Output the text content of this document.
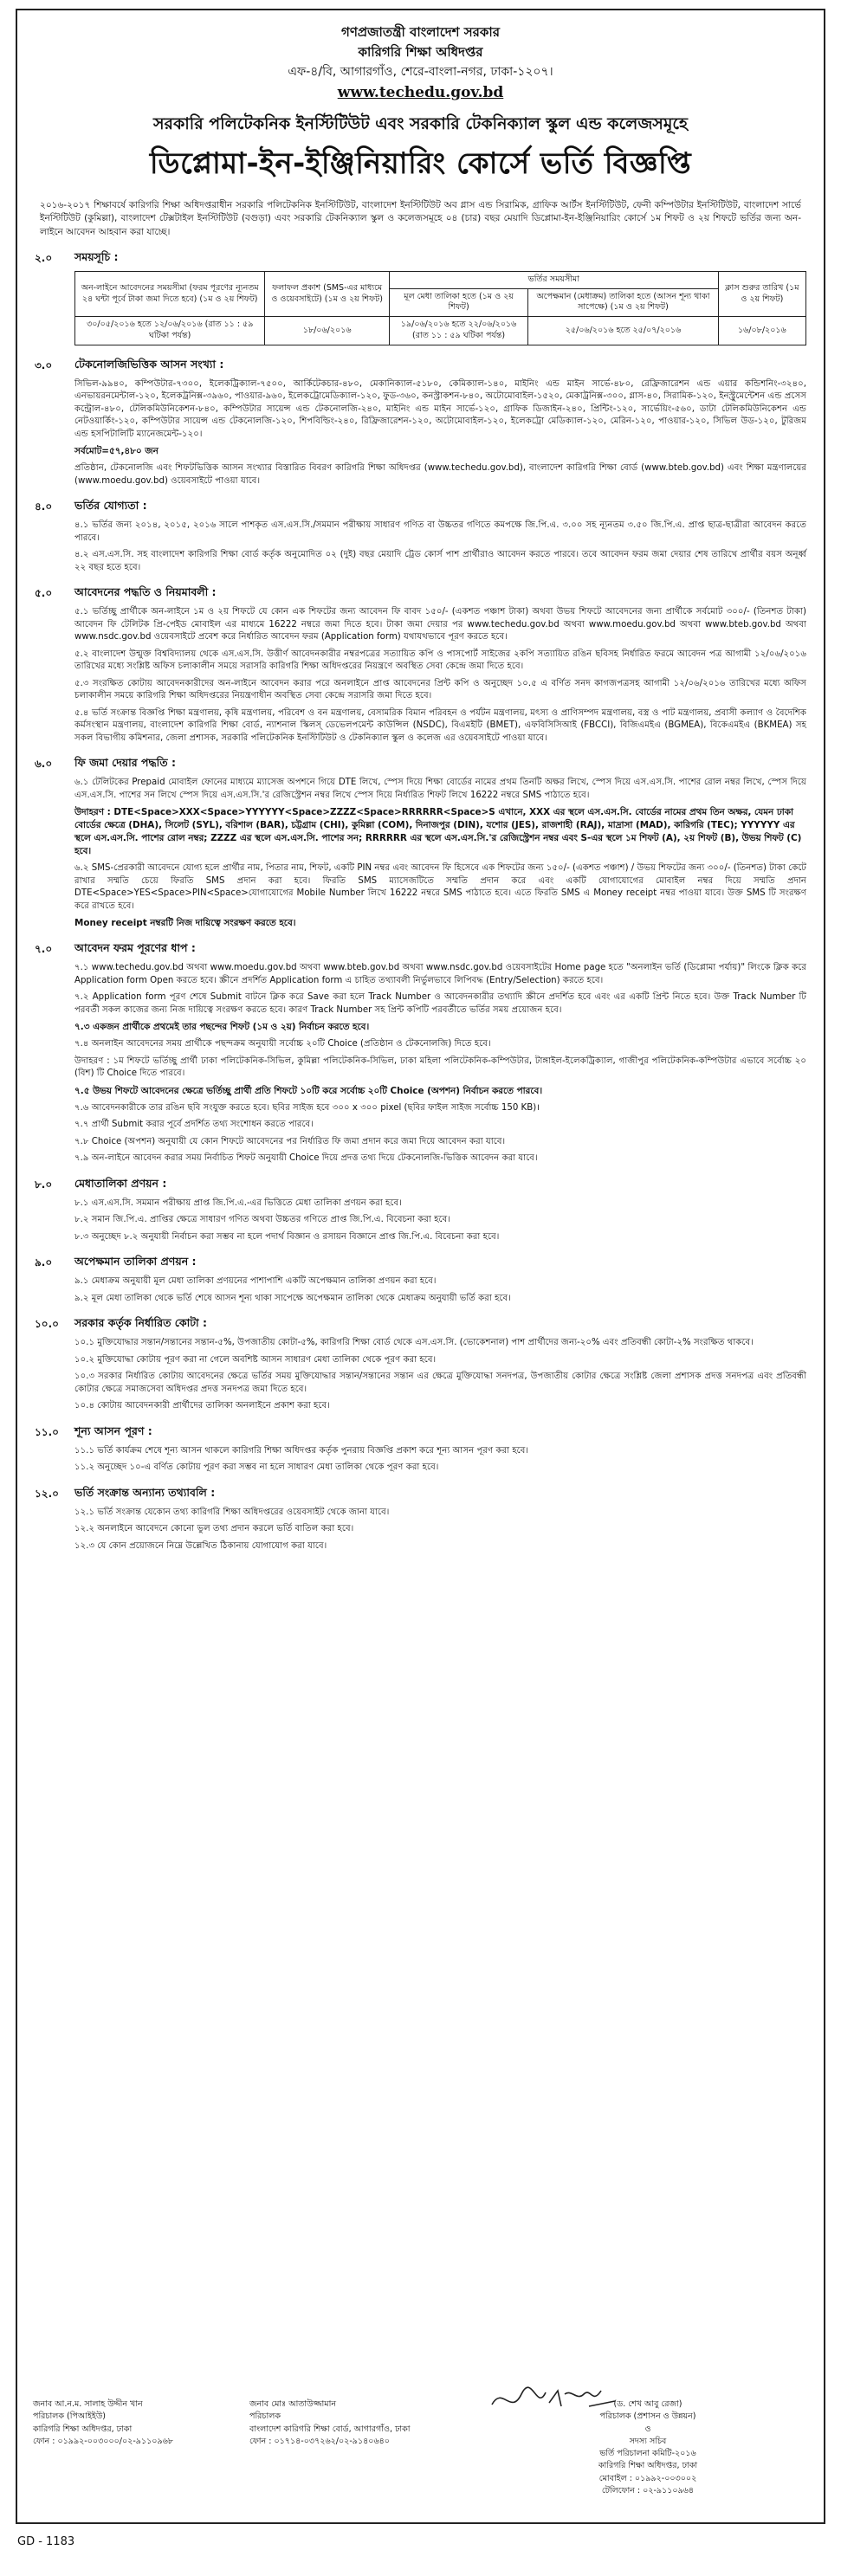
গণপ্রজাতন্ত্রী বাংলাদেশ সরকার
কারিগরি শিক্ষা অধিদপ্তর
এফ-৪/বি, আগারগাঁও, শেরে-বাংলা-নগর, ঢাকা-১২০৭।
www.techedu.gov.bd
সরকারি পলিটেকনিক ইনস্টিটিউট এবং সরকারি টেকনিক্যাল স্কুল এন্ড কলেজসমূহে
ডিপ্লোমা-ইন-ইঞ্জিনিয়ারিং কোর্সে ভর্তি বিজ্ঞপ্তি
২০১৬-২০১৭ শিক্ষাবর্ষে কারিগরি শিক্ষা অধিদপ্তরাধীন সরকারি পলিটেকনিক ইনস্টিটিউট, বাংলাদেশ ইনস্টিটিউট অব গ্লাস এন্ড সিরামিক, গ্রাফিক আর্টস ইনস্টিটিউট, ফেনী কম্পিউটার ইনস্টিটিউট, বাংলাদেশ সার্ভে ইনস্টিটিউট (কুমিল্লা), বাংলাদেশ টেক্সটাইল ইনস্টিটিউট (বগুড়া) এবং সরকারি টেকনিক্যাল স্কুল ও কলেজসমূহে ০৪ (চার) বছর মেয়াদি ডিপ্লোমা-ইন-ইঞ্জিনিয়ারিং কোর্সে ১ম শিফট ও ২য় শিফটে ভর্তির জন্য অন-লাইনে আবেদন আহবান করা যাচ্ছে।
২.০	সময়সূচি :
অন-লাইনে আবেদনের সময়সীমা (ফরম পূরণের ন্যূনতম ২৪ ঘন্টা পূর্বে টাকা জমা দিতে হবে) (১ম ও ২য় শিফট)	ফলাফল প্রকাশ (SMS-এর মাধ্যমে ও ওয়েবসাইটে) (১ম ও ২য় শিফট)	ভর্তির সময়সীমা		ক্লাস শুরুর তারিখ (১ম ও ২য় শিফট)
		মূল মেধা তালিকা হতে (১ম ও ২য় শিফট)	অপেক্ষমান (মেধাক্রম) তালিকা হতে (আসন শূন্য থাকা সাপেক্ষে) (১ম ও ২য় শিফট)	
৩০/০৫/২০১৬ হতে ১২/০৬/২০১৬ (রাত ১১ : ৫৯ ঘটিকা পর্যন্ত)	১৮/০৬/২০১৬	১৯/০৬/২০১৬ হতে ২২/০৬/২০১৬ (রাত ১১ : ৫৯ ঘটিকা পর্যন্ত)	২৫/০৬/২০১৬ হতে ২৫/০৭/২০১৬	১৬/০৮/২০১৬
৩.০	টেকনোলজিভিত্তিক আসন সংখ্যা :
সিভিল-৯৯৪০, কম্পিউটার-৭৩০০, ইলেকট্রিক্যাল-৭৫০০, আর্কিটেকচার-৪৮০, মেকানিক্যাল-৫১৮০, কেমিক্যাল-১৪০, মাইনিং এন্ড মাইন সার্ভে-৪৮০, রেফ্রিজারেশন এন্ড এয়ার কন্ডিশনিং-৩২৪০, এনভায়রনমেন্টাল-১২০, ইলেকট্রনিক্স-৩৯৬০, পাওয়ার-৯৬০, ইলেকট্রোমেডিক্যাল-১২০, ফুড-৩৬০, কনস্ট্রাকশন-৮৪০, অটোমোবাইল-১৫২০, মেকাট্রনিক্স-৩০০, গ্লাস-৪০, সিরামিক-১২০, ইনস্ট্রুমেন্টেশন এন্ড প্রসেস কন্ট্রোল-৪৮০, টেলিকমিউনিকেশন-৮৪০, কম্পিউটার সায়েন্স এন্ড টেকনোলজি-২৪০, মাইনিং এন্ড মাইন সার্ভে-১২০, গ্রাফিক ডিজাইন-২৪০, প্রিন্টিং-১২০, সার্ভেয়িং-৫৬০, ডাটা টেলিকমিউনিকেশন এন্ড নেটওয়ার্কিং-১২০, কম্পিউটার সায়েন্স এন্ড টেকনোলজি-১২০, শিপবিল্ডিং-২৪০, রিফ্রিজারেশন-১২০, অটোমোবাইল-১২০, ইলেকট্রো মেডিক্যাল-১২০, মেরিন-১২০, পাওয়ার-১২০, সিভিল উড-১২০, টুরিজম এন্ড হসপিটালিটি ম্যানেজমেন্ট-১২০।
সর্বমোট=৫৭,৪৮০ জন
প্রতিষ্ঠান, টেকনোলজি এবং শিফটভিত্তিক আসন সংখ্যার বিস্তারিত বিবরণ কারিগরি শিক্ষা অধিদপ্তর (www.techedu.gov.bd), বাংলাদেশ কারিগরি শিক্ষা বোর্ড (www.bteb.gov.bd) এবং শিক্ষা মন্ত্রণালয়ের (www.moedu.gov.bd) ওয়েবসাইটে পাওয়া যাবে।
৪.০	ভর্তির যোগ্যতা :
৪.১ ভর্তির জন্য ২০১৪, ২০১৫, ২০১৬ সালে পাশকৃত এস.এস.সি./সমমান পরীক্ষায় সাধারণ গণিত বা উচ্চতর গণিতে কমপক্ষে জি.পি.এ. ৩.০০ সহ ন্যূনতম ৩.৫০ জি.পি.এ. প্রাপ্ত ছাত্র-ছাত্রীরা আবেদন করতে পারবে।
৪.২ এস.এস.সি. সহ বাংলাদেশ কারিগরি শিক্ষা বোর্ড কর্তৃক অনুমোদিত ০২ (দুই) বছর মেয়াদি ট্রেড কোর্স পাশ প্রার্থীরাও আবেদন করতে পারবে। তবে আবেদন ফরম জমা দেয়ার শেষ তারিখে প্রার্থীর বয়স অনূর্ধ্ব ২২ বছর হতে হবে।
৫.০	আবেদনের পদ্ধতি ও নিয়মাবলী :
৫.১ ভর্তিচ্ছু প্রার্থীকে অন-লাইনে ১ম ও ২য় শিফটে যে কোন এক শিফটের জন্য আবেদন ফি বাবদ ১৫০/- (একশত পঞ্চাশ টাকা) অথবা উভয় শিফটে আবেদনের জন্য প্রার্থীকে সর্বমোট ৩০০/- (তিনশত টাকা) আবেদন ফি টেলিটক প্রি-পেইড মোবাইল এর মাধ্যমে 16222 নম্বরে জমা দিতে হবে। টাকা জমা দেয়ার পর www.techedu.gov.bd অথবা www.moedu.gov.bd অথবা www.bteb.gov.bd অথবা www.nsdc.gov.bd ওয়েবসাইটে প্রবেশ করে নির্ধারিত আবেদন ফরম (Application form) যথাযথভাবে পূরণ করতে হবে।
৫.২ বাংলাদেশ উন্মুক্ত বিশ্ববিদ্যালয় থেকে এস.এস.সি. উত্তীর্ণ আবেদনকারীর নম্বরপত্রের সত্যায়িত কপি ও পাসপোর্ট সাইজের ২কপি সত্যায়িত রঙিন ছবিসহ নির্ধারিত ফরমে আবেদন পত্র আগামী ১২/০৬/২০১৬ তারিখের মধ্যে সংশ্লিষ্ট অফিস চলাকালীন সময়ে সরাসরি কারিগরি শিক্ষা অধিদপ্তরের নিয়ন্ত্রণে অবস্থিত সেবা কেন্দ্রে জমা দিতে হবে।
৫.৩ সংরক্ষিত কোটায় আবেদনকারীদের অন-লাইনে আবেদন করার পরে অনলাইনে প্রাপ্ত আবেদনের প্রিন্ট কপি ও অনুচ্ছেদ ১০.৫ এ বর্ণিত সনদ কাগজপত্রসহ আগামী ১২/০৬/২০১৬ তারিখের মধ্যে অফিস চলাকালীন সময়ে কারিগরি শিক্ষা অধিদপ্তরের নিয়ন্ত্রণাধীন অবস্থিত সেবা কেন্দ্রে সরাসরি জমা দিতে হবে।
৫.৪ ভর্তি সংক্রান্ত বিজ্ঞপ্তি শিক্ষা মন্ত্রণালয়, কৃষি মন্ত্রণালয়, পরিবেশ ও বন মন্ত্রণালয়, বেসামরিক বিমান পরিবহন ও পর্যটন মন্ত্রণালয়, মৎস্য ও প্রাণিসম্পদ মন্ত্রণালয়, বস্ত্র ও পাট মন্ত্রণালয়, প্রবাসী কল্যাণ ও বৈদেশিক কর্মসংস্থান মন্ত্রণালয়, বাংলাদেশ কারিগরি শিক্ষা বোর্ড, ন্যাশনাল স্কিলস্ ডেভেলপমেন্ট কাউন্সিল (NSDC), বিএমইটি (BMET), এফবিসিসিআই (FBCCI), বিজিএমইএ (BGMEA), বিকেএমইএ (BKMEA) সহ সকল বিভাগীয় কমিশনার, জেলা প্রশাসক, সরকারি পলিটেকনিক ইনস্টিটিউট ও টেকনিক্যাল স্কুল ও কলেজ এর ওয়েবসাইটে পাওয়া যাবে।
৬.০	ফি জমা দেয়ার পদ্ধতি :
৬.১ টেলিটকের Prepaid মোবাইল ফোনের মাধ্যমে ম্যাসেজ অপশনে গিয়ে DTE লিখে, স্পেস দিয়ে শিক্ষা বোর্ডের নামের প্রথম তিনটি অক্ষর লিখে, স্পেস দিয়ে এস.এস.সি. পাশের রোল নম্বর লিখে, স্পেস দিয়ে এস.এস.সি. পাশের সন লিখে স্পেস দিয়ে এস.এস.সি.'র রেজিস্ট্রেশন নম্বর লিখে স্পেস দিয়ে নির্ধারিত শিফট লিখে 16222 নম্বরে SMS পাঠাতে হবে।
উদাহরণ : DTE<Space>XXX<Space>YYYYYY<Space>ZZZZ<Space>RRRRRR<Space>S এখানে, XXX এর স্থলে এস.এস.সি. বোর্ডের নামের প্রথম তিন অক্ষর, যেমন ঢাকা বোর্ডের ক্ষেত্রে (DHA), সিলেট (SYL), বরিশাল (BAR), চট্টগ্রাম (CHI), কুমিল্লা (COM), দিনাজপুর (DIN), যশোর (JES), রাজশাহী (RAJ), মাদ্রাসা (MAD), কারিগরি (TEC); YYYYYY এর স্থলে এস.এস.সি. পাশের রোল নম্বর; ZZZZ এর স্থলে এস.এস.সি. পাশের সন; RRRRRR এর স্থলে এস.এস.সি.'র রেজিস্ট্রেশন নম্বর এবং S-এর স্থলে ১ম শিফট (A), ২য় শিফট (B), উভয় শিফট (C) হবে।
৬.২ SMS-প্রেরকারী আবেদনে যোগ্য হলে প্রার্থীর নাম, পিতার নাম, শিফট, একটি PIN নম্বর এবং আবেদন ফি হিসেবে এক শিফটের জন্য ১৫০/- (একশত পঞ্চাশ) / উভয় শিফটের জন্য ৩০০/- (তিনশত) টাকা কেটে রাখার সম্মতি চেয়ে ফিরতি SMS প্রদান করা হবে। ফিরতি SMS ম্যাসেজটিতে সম্মতি প্রদান করে এবং একটি যোগাযোগের মোবাইল নম্বর দিয়ে সম্মতি প্রদান DTE<Space>YES<Space>PIN<Space>যোগাযোগের Mobile Number লিখে 16222 নম্বরে SMS পাঠাতে হবে। এতে ফিরতি SMS এ Money receipt নম্বর পাওয়া যাবে। উক্ত SMS টি সংরক্ষণ করে রাখতে হবে।
Money receipt নম্বরটি নিজ দায়িত্বে সংরক্ষণ করতে হবে।
৭.০	আবেদন ফরম পূরণের ধাপ :
৭.১ www.techedu.gov.bd অথবা www.moedu.gov.bd অথবা www.bteb.gov.bd অথবা www.nsdc.gov.bd ওয়েবসাইটের Home page হতে "অনলাইন ভর্তি (ডিপ্লোমা পর্যায়)" লিংকে ক্লিক করে Application form Open করতে হবে। স্ক্রীনে প্রদর্শিত Application form এ চাহিত তথ্যাবলী নির্ভুলভাবে লিপিবদ্ধ (Entry/Selection) করতে হবে।
৭.২ Application form পূরণ শেষে Submit বাটনে ক্লিক করে Save করা হলে Track Number ও আবেদনকারীর তথ্যাদি স্ক্রীনে প্রদর্শিত হবে এবং এর একটি প্রিন্ট নিতে হবে। উক্ত Track Number টি পরবর্তী সকল কাজের জন্য নিজ দায়িত্বে সংরক্ষণ করতে হবে। কারণ Track Number সহ প্রিন্ট কপিটি পরবর্তীতে ভর্তির সময় প্রয়োজন হবে।
৭.৩ একজন প্রার্থীকে প্রথমেই তার পছন্দের শিফট (১ম ও ২য়) নির্বাচন করতে হবে।
৭.৪ অনলাইন আবেদনের সময় প্রার্থীকে পছন্দক্রম অনুযায়ী সর্বোচ্চ ২০টি Choice (প্রতিষ্ঠান ও টেকনোলজি) দিতে হবে।
উদাহরণ : ১ম শিফটে ভর্তিচ্ছু প্রার্থী ঢাকা পলিটেকনিক-সিভিল, কুমিল্লা পলিটেকনিক-সিভিল, ঢাকা মহিলা পলিটেকনিক-কম্পিউটার, টাঙ্গাইল-ইলেকট্রিক্যাল, গাজীপুর পলিটেকনিক-কম্পিউটার এভাবে সর্বোচ্চ ২০ (বিশ) টি Choice দিতে পারবে।
৭.৫ উভয় শিফটে আবেদনের ক্ষেত্রে ভর্তিচ্ছু প্রার্থী প্রতি শিফটে ১০টি করে সর্বোচ্চ ২০টি Choice (অপশন) নির্বাচন করতে পারবে।
৭.৬ আবেদনকারীকে তার রঙিন ছবি সংযুক্ত করতে হবে। ছবির সাইজ হবে ৩০০ x ৩০০ pixel (ছবির ফাইল সাইজ সর্বোচ্চ 150 KB)।
৭.৭ প্রার্থী Submit করার পূর্বে প্রদর্শিত তথ্য সংশোধন করতে পারবে।
৭.৮ Choice (অপশন) অনুযায়ী যে কোন শিফটে আবেদনের পর নির্ধারিত ফি জমা প্রদান করে জমা দিয়ে আবেদন করা যাবে।
৭.৯ অন-লাইনে আবেদন করার সময় নির্বাচিত শিফট অনুযায়ী Choice দিয়ে প্রদত্ত তথ্য দিয়ে টেকনোলজি-ভিত্তিক আবেদন করা যাবে।
৮.০	মেধাতালিকা প্রণয়ন :
৮.১ এস.এস.সি. সমমান পরীক্ষায় প্রাপ্ত জি.পি.এ.-এর ভিত্তিতে মেধা তালিকা প্রণয়ন করা হবে।
৮.২ সমান জি.পি.এ. প্রাপ্তির ক্ষেত্রে সাধারণ গণিত অথবা উচ্চতর গণিতে প্রাপ্ত জি.পি.এ. বিবেচনা করা হবে।
৮.৩ অনুচ্ছেদ ৮.২ অনুযায়ী নির্বাচন করা সম্ভব না হলে পদার্থ বিজ্ঞান ও রসায়ন বিজ্ঞানে প্রাপ্ত জি.পি.এ. বিবেচনা করা হবে।
৯.০	অপেক্ষমান তালিকা প্রণয়ন :
৯.১ মেধাক্রম অনুযায়ী মূল মেধা তালিকা প্রণয়নের পাশাপাশি একটি অপেক্ষমান তালিকা প্রণয়ন করা হবে।
৯.২ মূল মেধা তালিকা থেকে ভর্তি শেষে আসন শূন্য থাকা সাপেক্ষে অপেক্ষমান তালিকা থেকে মেধাক্রম অনুযায়ী ভর্তি করা হবে।
১০.০	সরকার কর্তৃক নির্ধারিত কোটা :
১০.১ মুক্তিযোদ্ধার সন্তান/সন্তানের সন্তান-৫%, উপজাতীয় কোটা-৫%, কারিগরি শিক্ষা বোর্ড থেকে এস.এস.সি. (ভোকেশনাল) পাশ প্রার্থীদের জন্য-২০% এবং প্রতিবন্ধী কোটা-২% সংরক্ষিত থাকবে।
১০.২ মুক্তিযোদ্ধা কোটায় পূরণ করা না গেলে অবশিষ্ট আসন সাধারণ মেধা তালিকা থেকে পূরণ করা হবে।
১০.৩ সরকার নির্ধারিত কোটায় আবেদনের ক্ষেত্রে ভর্তির সময় মুক্তিযোদ্ধার সন্তান/সন্তানের সন্তান এর ক্ষেত্রে মুক্তিযোদ্ধা সনদপত্র, উপজাতীয় কোটার ক্ষেত্রে সংশ্লিষ্ট জেলা প্রশাসক প্রদত্ত সনদপত্র এবং প্রতিবন্ধী কোটার ক্ষেত্রে সমাজসেবা অধিদপ্তর প্রদত্ত সনদপত্র জমা দিতে হবে।
১০.৪ কোটায় আবেদনকারী প্রার্থীদের তালিকা অনলাইনে প্রকাশ করা হবে।
১১.০	শূন্য আসন পূরণ :
১১.১ ভর্তি কার্যক্রম শেষে শূন্য আসন থাকলে কারিগরি শিক্ষা অধিদপ্তর কর্তৃক পুনরায় বিজ্ঞপ্তি প্রকাশ করে শূন্য আসন পূরণ করা হবে।
১১.২ অনুচ্ছেদ ১০-এ বর্ণিত কোটায় পূরণ করা সম্ভব না হলে সাধারণ মেধা তালিকা থেকে পূরণ করা হবে।
১২.০	ভর্তি সংক্রান্ত অন্যান্য তথ্যাবলি :
১২.১ ভর্তি সংক্রান্ত যেকোন তথ্য কারিগরি শিক্ষা অধিদপ্তরের ওয়েবসাইট থেকে জানা যাবে।
১২.২ অনলাইনে আবেদনে কোনো ভুল তথ্য প্রদান করলে ভর্তি বাতিল করা হবে।
১২.৩ যে কোন প্রয়োজনে নিম্নে উল্লেখিত ঠিকানায় যোগাযোগ করা যাবে।
জনাব আ.ন.ম. সালাহ উদ্দীন খান
পরিচালক (পিআইইউ)
কারিগরি শিক্ষা অধিদপ্তর, ঢাকা
ফোন : ০১৯৯২-০০৩০০০/০২-৯১১০৯৬৮
জনাব মোঃ আতাউজ্জামান
পরিচালক
বাংলাদেশ কারিগরি শিক্ষা বোর্ড, আগারগাঁও, ঢাকা
ফোন : ০১৭১৪-০৩৭২৬২/০২-৯১৪০৬৪০
(ড. শেখ আবু রেজা)
পরিচালক (প্রশাসন ও উন্নয়ন)
ও
সদস্য সচিব
ভর্তি পরিচালনা কমিটি-২০১৬
কারিগরি শিক্ষা অধিদপ্তর, ঢাকা
মোবাইল : ০১৯৯২-০০৩০০২
টেলিফোন : ০২-৯১১০৯৬৪
GD - 1183
